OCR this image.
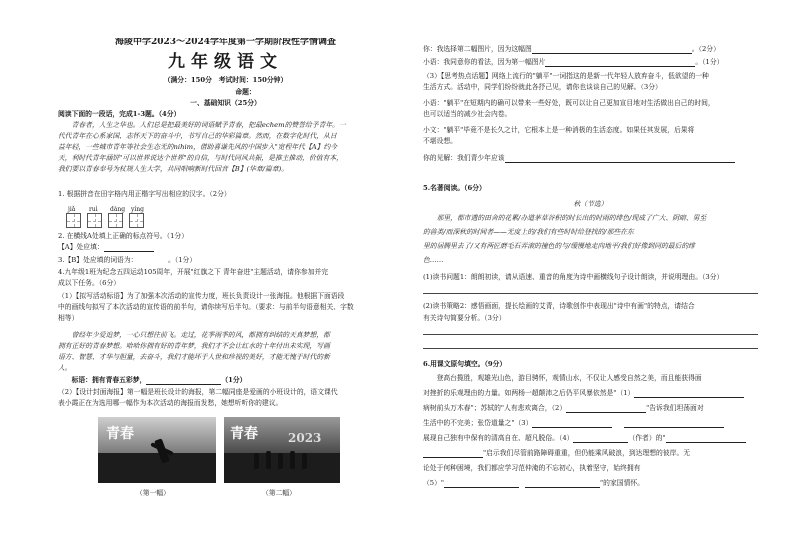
海陵中学2023～2024学年度第一学期阶段性学情调查
九年级语文
（满分：150分　考试时间：150分钟）
命题：
一、基础知识（25分）
阅读下面的一段话，完成1-3题。（4分）
　　青春者，人生之华也。人们总是把最美好的词语赋予青春，把最echem的赞誉给予青年。一
代代青年在心系家国、志怀天下的奋斗中，书写自己的华彩篇章。然而，在数字化时代，从日
益年轻，一些城市青年等社会生态无的nihim，借助喜谦先风的中国步入"宽程年代【A】约今
天，利时代青年涵饼"可以世界说达个世界"的自信，与时代同风共振，是推主推动，价值有本，
我们要以青春奉号为杖规人生大学，共同唱响新时代回音【B】(华章/篇章)。
1. 根据拼音在田字格内用正楷字写出相应的汉字。（2分）
jiǎ ruì dàng yíng
2. 在横线A处填上正确的标点符号。（1分）
【A】处应填：
3.【B】处应填的词语为：　　　　　。（1分）
4.九年级1班为纪念五四运动105周年，开展"红旗之下 青年奋进"主题活动，请你参加并完
成以下任务。（6分）
（1）【拟写活动标语】为了加强本次活动的宣传力度，班长负责设计一张海报。他根据下面语段
中的画线句拟写了本次活动的宣传语的前半句，请你续写后半句。（要求：与前半句语意相关、字数
相等）
　　曾经年少爱追梦，一心只想往前飞。走过，花季雨季的风，都拥有纠结的天真梦想，都
拥有正好的青春梦想。哈哈你拥有好的青年梦，我们才不会让红水的十年付出未实现，写画
语方、智慧、才华与胆量，去奋斗，我们才能坏于人世和珍视的美好，才能无愧于时代的新
人。
　　标语：拥有青春五彩梦，	（1分）
（2）【设计封面海报】第一幅是班长设计的海报，第二幅同座是爱画的小班设计的，语文课代
表小霞正在为选用哪一幅作为本次活动的海报而发愁，她想听听你的建议。
青春	青春	2023
（第一幅）	（第二幅）
你：我选择第二幅图片，因为这幅图	。（2分）
小语：我同意你的看法，因为第一幅图片	。（1分）
（3）【思考热点话题】网络上流行的"躺平"一词指这的是新一代年轻人放弃奋斗，低欲望的一种
生活方式。活动中，同学们纷纷就此各抒己见，请你也谈谈自己的见解。（3分）
小语："躺平"在短期内的确可以带来一些好处，既可以让自己更加宣目地对生活做出自己的时间，
也可以适当的减少社会内卷。
小文："躺平"毕竟不是长久之计，它根本上是一种消极的生活态度。如果任其发展，后果将
不堪设想。
你的见解：我们青少年应该
5.名著阅读。（6分）
秋（节选）
　　那里，都市遗的田舍的花累/办道茅草谷积的时长出的时雨的绯色/现成了广大、阴暗、男至
的兽类/而深秋的时间者——无度上的/我们有些时时给登找的/那些在东
里的居腾里去了/又有两匠磨毛石弄滚的撞色的与/缓慢地走向地平/我们好像到同的最后的绯
色……
(1)读书问题1：朗朗初读，请从语速、重音的角度为诗中画横线句子设计朗读，并说明理由。（3分）
(2)读书策略2：感悟画面，提长绘画的艾青，诗歌创作中表现出"诗中有画"的特点，请结合
有关诗句简要分析。（3分）
6.用课文原句填空。（9分）
　　登高台揽胜，观雄光山色，游目骋怀，观情山水，不仅让人感受自然之美，而且能获得面
对挫折的乐观理由的力量。如两杨一超颠沛之后仍平风暴依然是"（1）
病树前头万木春"；苏轼的"人有悲欢离合，（2）	"告诉我们坦荡面对
生活中的不完美；张岱道量之"（3）
展现自己独有中保有的清高自在、超凡脱俗。（4）	（作者）的"
"启示我们尽管前路障碍重重，但仍能乘风破浪，到达理想的彼岸。无
论处于何种困境，我们都应学习范仲淹的不忘初心，执着坚守，始终拥有
（5）"	"的家国情怀。
